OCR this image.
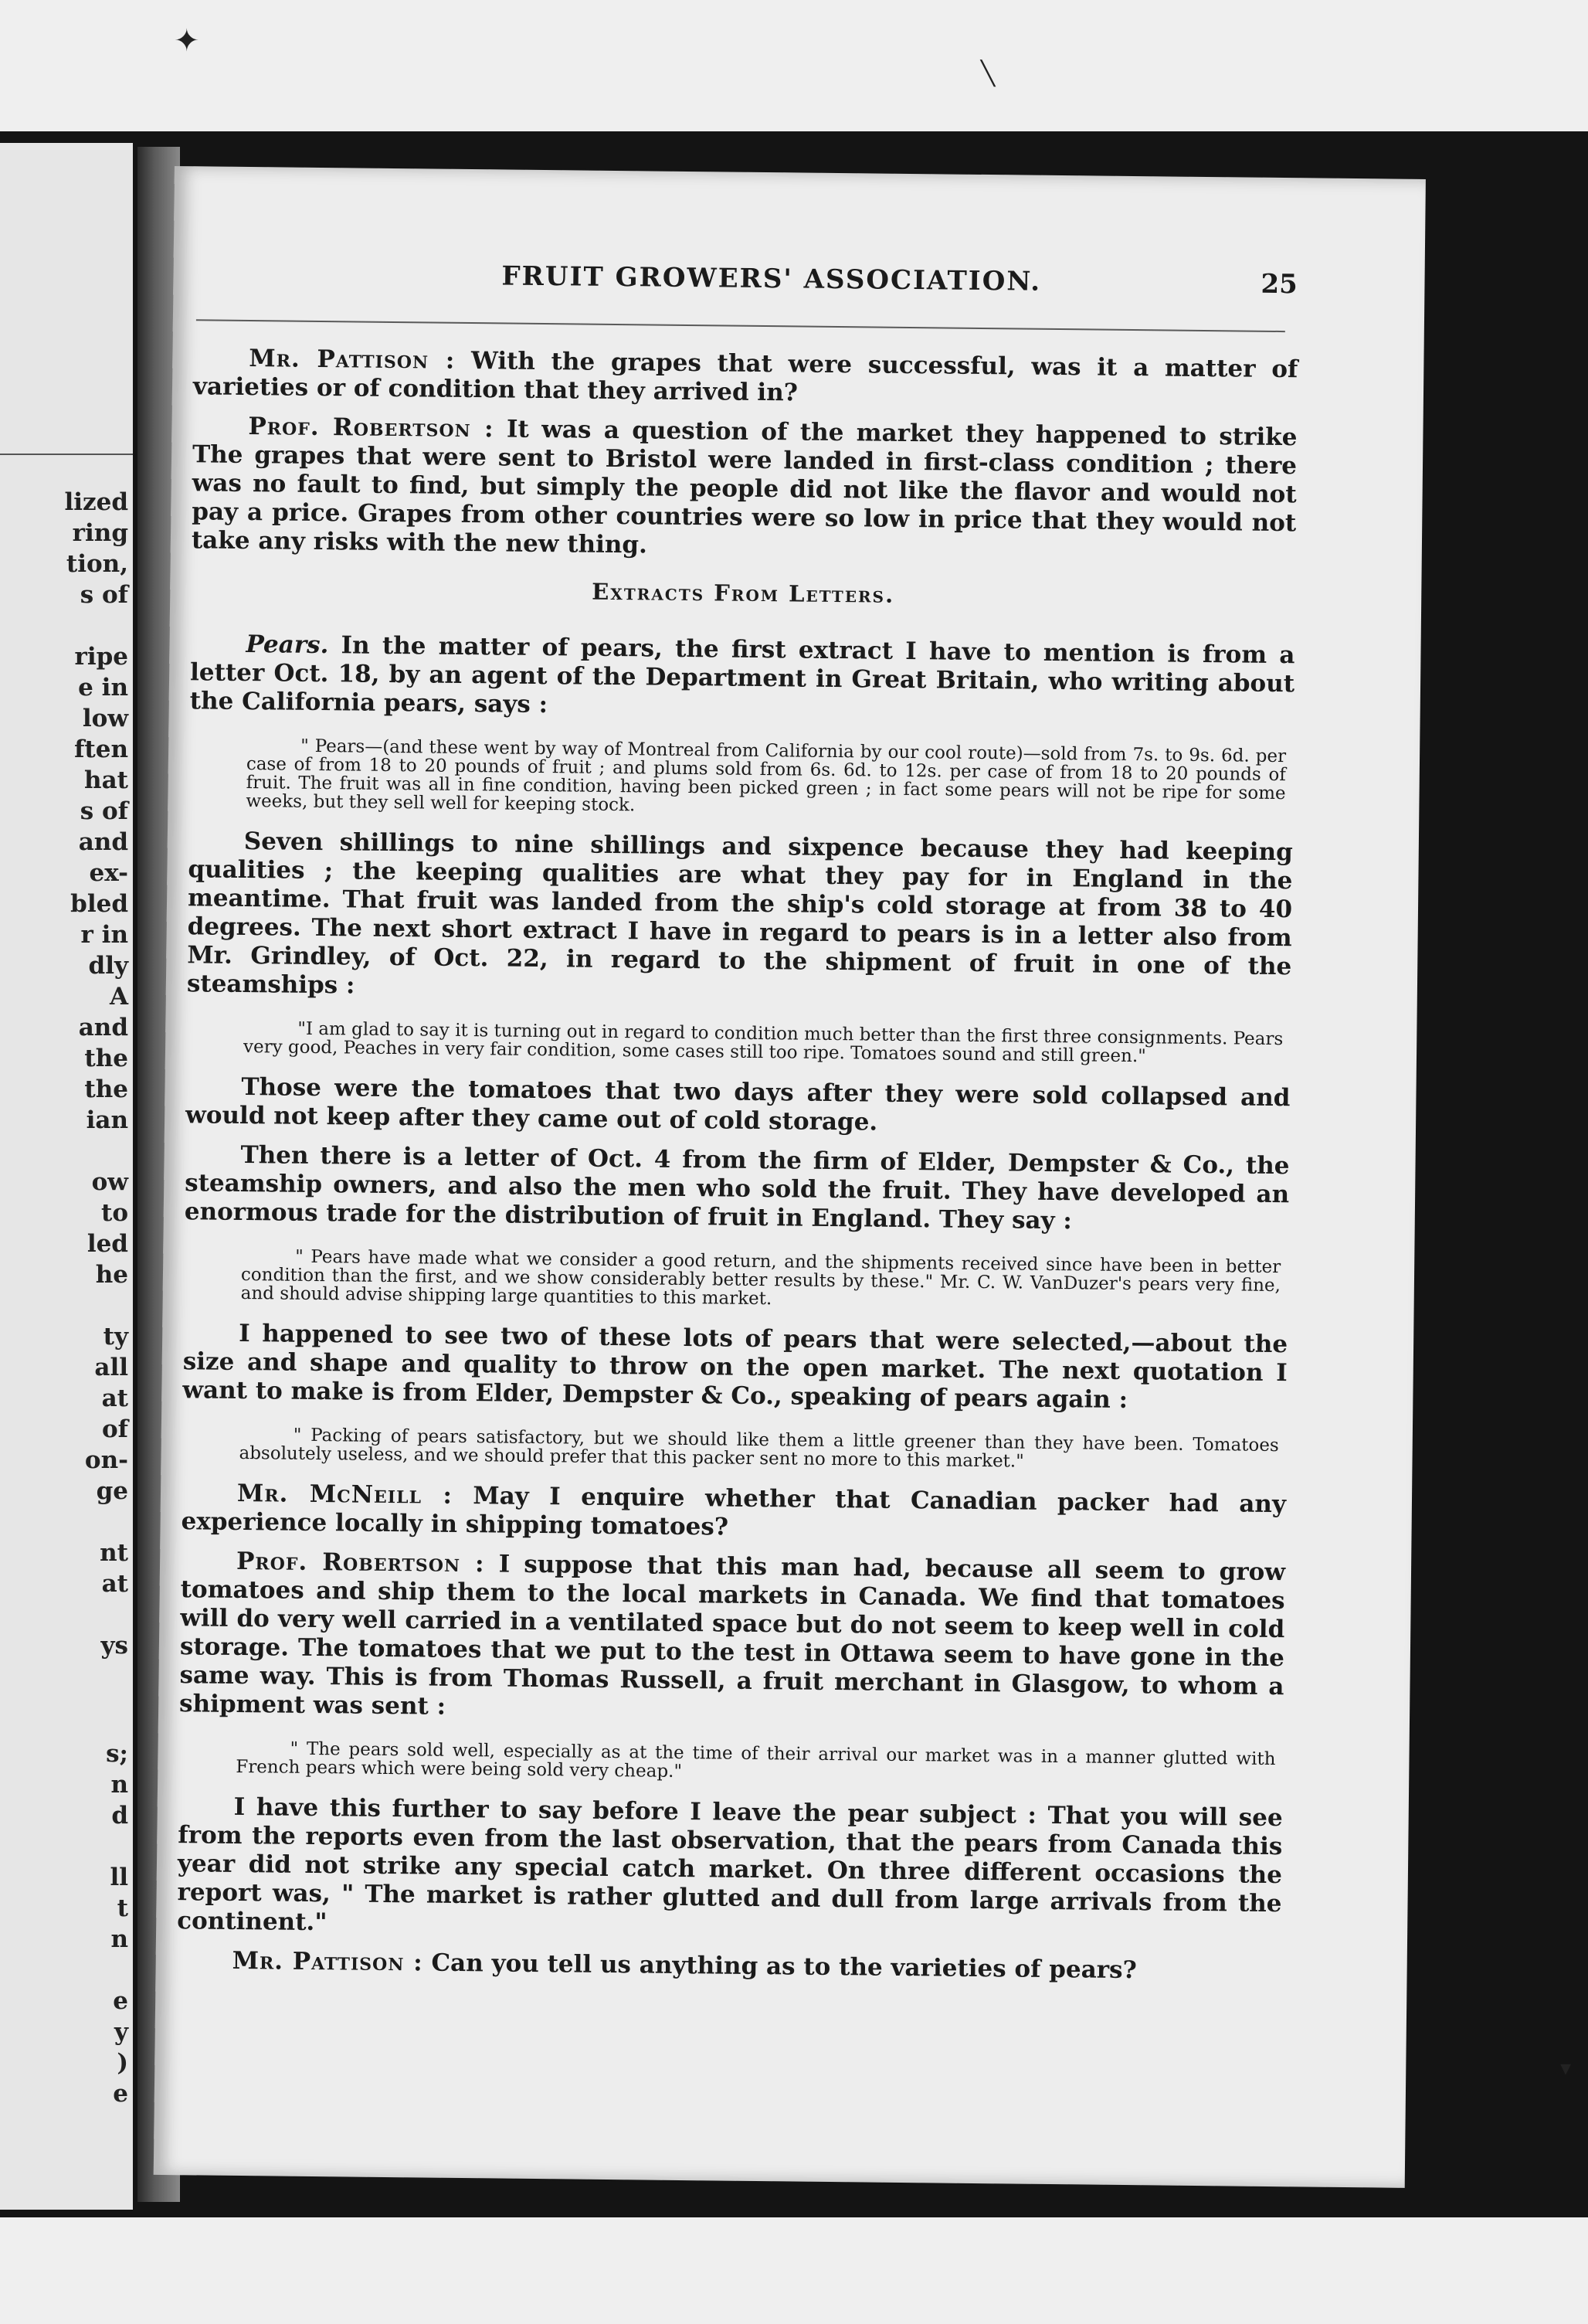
lized
ring
tion,
s of
ripe
e in
low
ften
hat
s of
and
ex-
bled
r in
dly
A
and
the
the
ian
ow
to
led
he
ty
all
at
of
on-
ge
nt
at
ys
s;
n
d
ll
t
n
e
y
)
e
FRUIT GROWERS' ASSOCIATION.	25

Mr. Pattison : With the grapes that were successful, was it a matter of varieties or of condition that they arrived in?

Prof. Robertson : It was a question of the market they happened to strike The grapes that were sent to Bristol were landed in first-class condition ; there was no fault to find, but simply the people did not like the flavor and would not pay a price. Grapes from other countries were so low in price that they would not take any risks with the new thing.

Extracts From Letters.

Pears. In the matter of pears, the first extract I have to mention is from a letter Oct. 18, by an agent of the Department in Great Britain, who writing about the California pears, says :

" Pears—(and these went by way of Montreal from California by our cool route)—sold from 7s. to 9s. 6d. per case of from 18 to 20 pounds of fruit ; and plums sold from 6s. 6d. to 12s. per case of from 18 to 20 pounds of fruit. The fruit was all in fine condition, having been picked green ; in fact some pears will not be ripe for some weeks, but they sell well for keeping stock.

Seven shillings to nine shillings and sixpence because they had keeping qualities ; the keeping qualities are what they pay for in England in the meantime. That fruit was landed from the ship's cold storage at from 38 to 40 degrees. The next short extract I have in regard to pears is in a letter also from Mr. Grindley, of Oct. 22, in regard to the shipment of fruit in one of the steamships :

"I am glad to say it is turning out in regard to condition much better than the first three consignments. Pears very good, Peaches in very fair condition, some cases still too ripe. Tomatoes sound and still green."

Those were the tomatoes that two days after they were sold collapsed and would not keep after they came out of cold storage.

Then there is a letter of Oct. 4 from the firm of Elder, Dempster & Co., the steamship owners, and also the men who sold the fruit. They have developed an enormous trade for the distribution of fruit in England. They say :

" Pears have made what we consider a good return, and the shipments received since have been in better condition than the first, and we show considerably better results by these." Mr. C. W. VanDuzer's pears very fine, and should advise shipping large quantities to this market.

I happened to see two of these lots of pears that were selected,—about the size and shape and quality to throw on the open market. The next quotation I want to make is from Elder, Dempster & Co., speaking of pears again :

" Packing of pears satisfactory, but we should like them a little greener than they have been. Tomatoes absolutely useless, and we should prefer that this packer sent no more to this market."

Mr. McNeill : May I enquire whether that Canadian packer had any experience locally in shipping tomatoes?

Prof. Robertson : I suppose that this man had, because all seem to grow tomatoes and ship them to the local markets in Canada. We find that tomatoes will do very well carried in a ventilated space but do not seem to keep well in cold storage. The tomatoes that we put to the test in Ottawa seem to have gone in the same way. This is from Thomas Russell, a fruit merchant in Glasgow, to whom a shipment was sent :

" The pears sold well, especially as at the time of their arrival our market was in a manner glutted with French pears which were being sold very cheap."

I have this further to say before I leave the pear subject : That you will see from the reports even from the last observation, that the pears from Canada this year did not strike any special catch market. On three different occasions the report was, " The market is rather glutted and dull from large arrivals from the continent."

Mr. Pattison : Can you tell us anything as to the varieties of pears?

✦
╲
▾
